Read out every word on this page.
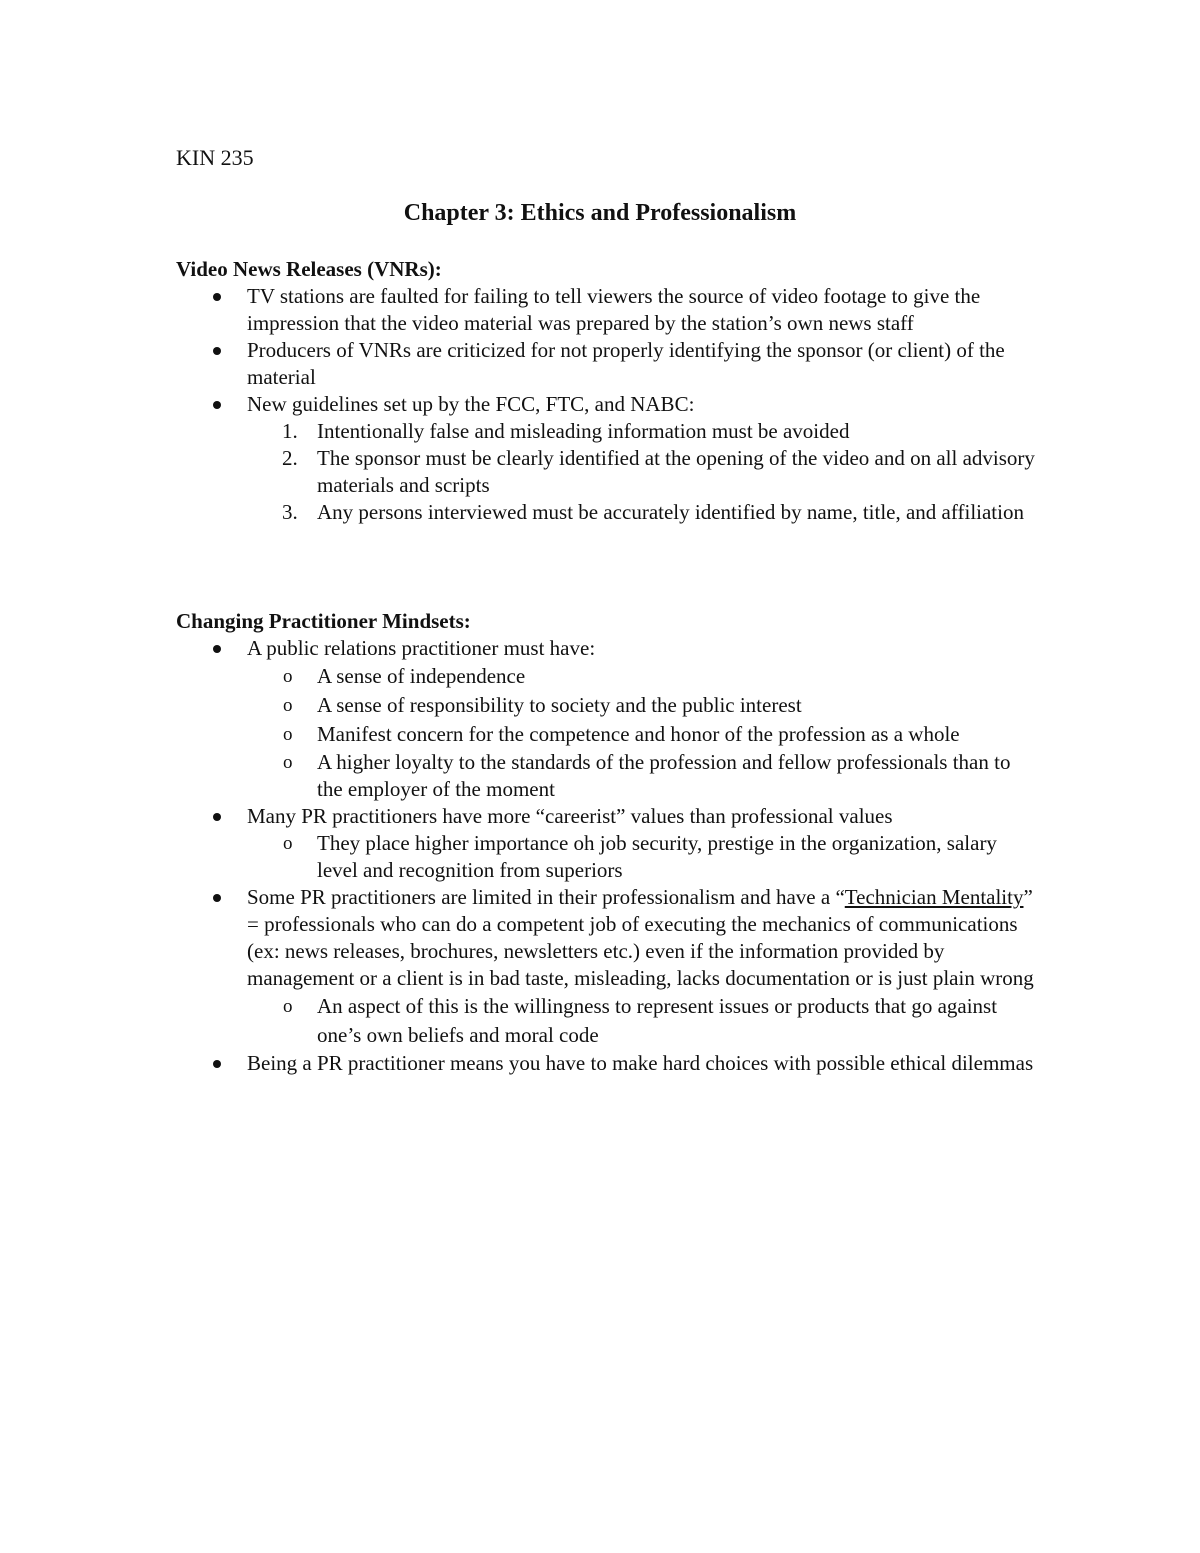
KIN 235

Chapter 3: Ethics and Professionalism

Video News Releases (VNRs):

TV stations are faulted for failing to tell viewers the source of video footage to give the impression that the video material was prepared by the station’s own news staff
Producers of VNRs are criticized for not properly identifying the sponsor (or client) of the material
New guidelines set up by the FCC, FTC, and NABC:
1. Intentionally false and misleading information must be avoided
2. The sponsor must be clearly identified at the opening of the video and on all advisory materials and scripts
3. Any persons interviewed must be accurately identified by name, title, and affiliation

Changing Practitioner Mindsets:

A public relations practitioner must have:
o A sense of independence
o A sense of responsibility to society and the public interest
o Manifest concern for the competence and honor of the profession as a whole
o A higher loyalty to the standards of the profession and fellow professionals than to the employer of the moment
Many PR practitioners have more “careerist” values than professional values
o They place higher importance oh job security, prestige in the organization, salary level and recognition from superiors
Some PR practitioners are limited in their professionalism and have a “Technician Mentality” = professionals who can do a competent job of executing the mechanics of communications (ex: news releases, brochures, newsletters etc.) even if the information provided by management or a client is in bad taste, misleading, lacks documentation or is just plain wrong
o An aspect of this is the willingness to represent issues or products that go against one’s own beliefs and moral code
Being a PR practitioner means you have to make hard choices with possible ethical dilemmas
